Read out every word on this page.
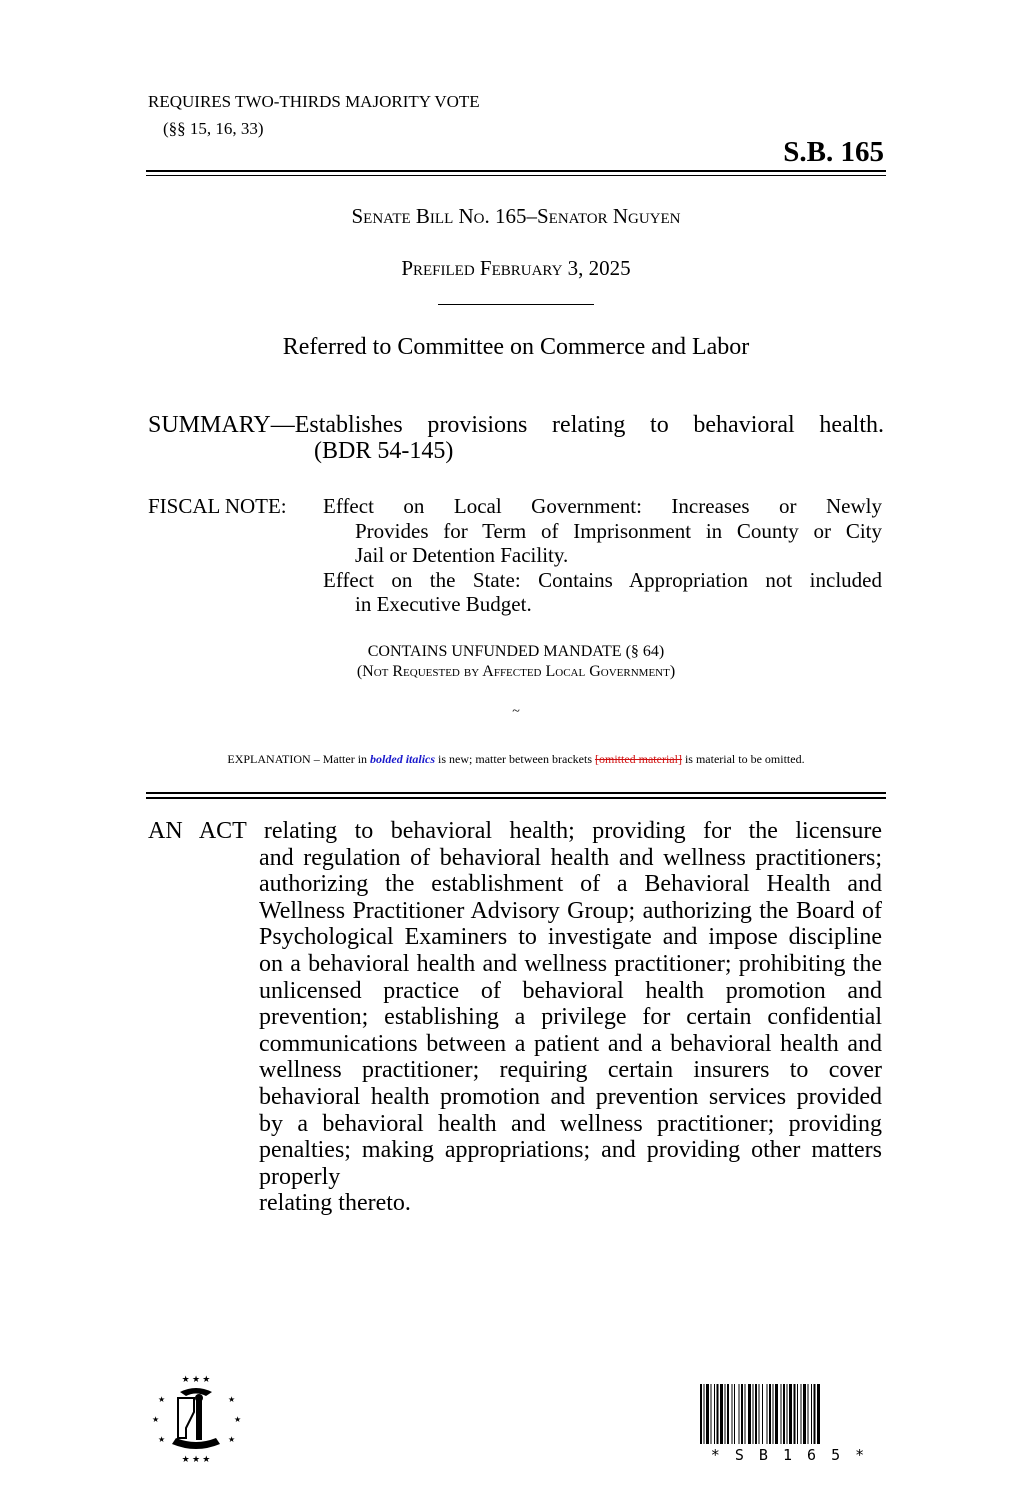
REQUIRES TWO-THIRDS MAJORITY VOTE
(§§ 15, 16, 33)
S.B. 165
Senate Bill No. 165–Senator Nguyen
Prefiled February 3, 2025
Referred to Committee on Commerce and Labor
SUMMARY—Establishes provisions relating to behavioral health.
(BDR 54-145)
FISCAL NOTE:	Effect on Local Government: Increases or Newly
Provides for Term of Imprisonment in County or City
Jail or Detention Facility.
Effect on the State: Contains Appropriation not included
in Executive Budget.
CONTAINS UNFUNDED MANDATE (§ 64)
(Not Requested by Affected Local Government)
~
EXPLANATION – Matter in bolded italics is new; matter between brackets [omitted material] is material to be omitted.
AN ACT relating to behavioral health; providing for the licensure
and regulation of behavioral health and wellness practitioners; authorizing the establishment of a Behavioral Health and Wellness Practitioner Advisory Group; authorizing the Board of Psychological Examiners to investigate and impose discipline on a behavioral health and wellness practitioner; prohibiting the unlicensed practice of behavioral health promotion and prevention; establishing a privilege for certain confidential communications between a patient and a behavioral health and wellness practitioner; requiring certain insurers to cover behavioral health promotion and prevention services provided by a behavioral health and wellness practitioner; providing penalties; making appropriations; and providing other matters properly
relating thereto.
★ ★ ★
★
★
★
★
★
★
★ ★ ★	* S B 1 6 5 *
